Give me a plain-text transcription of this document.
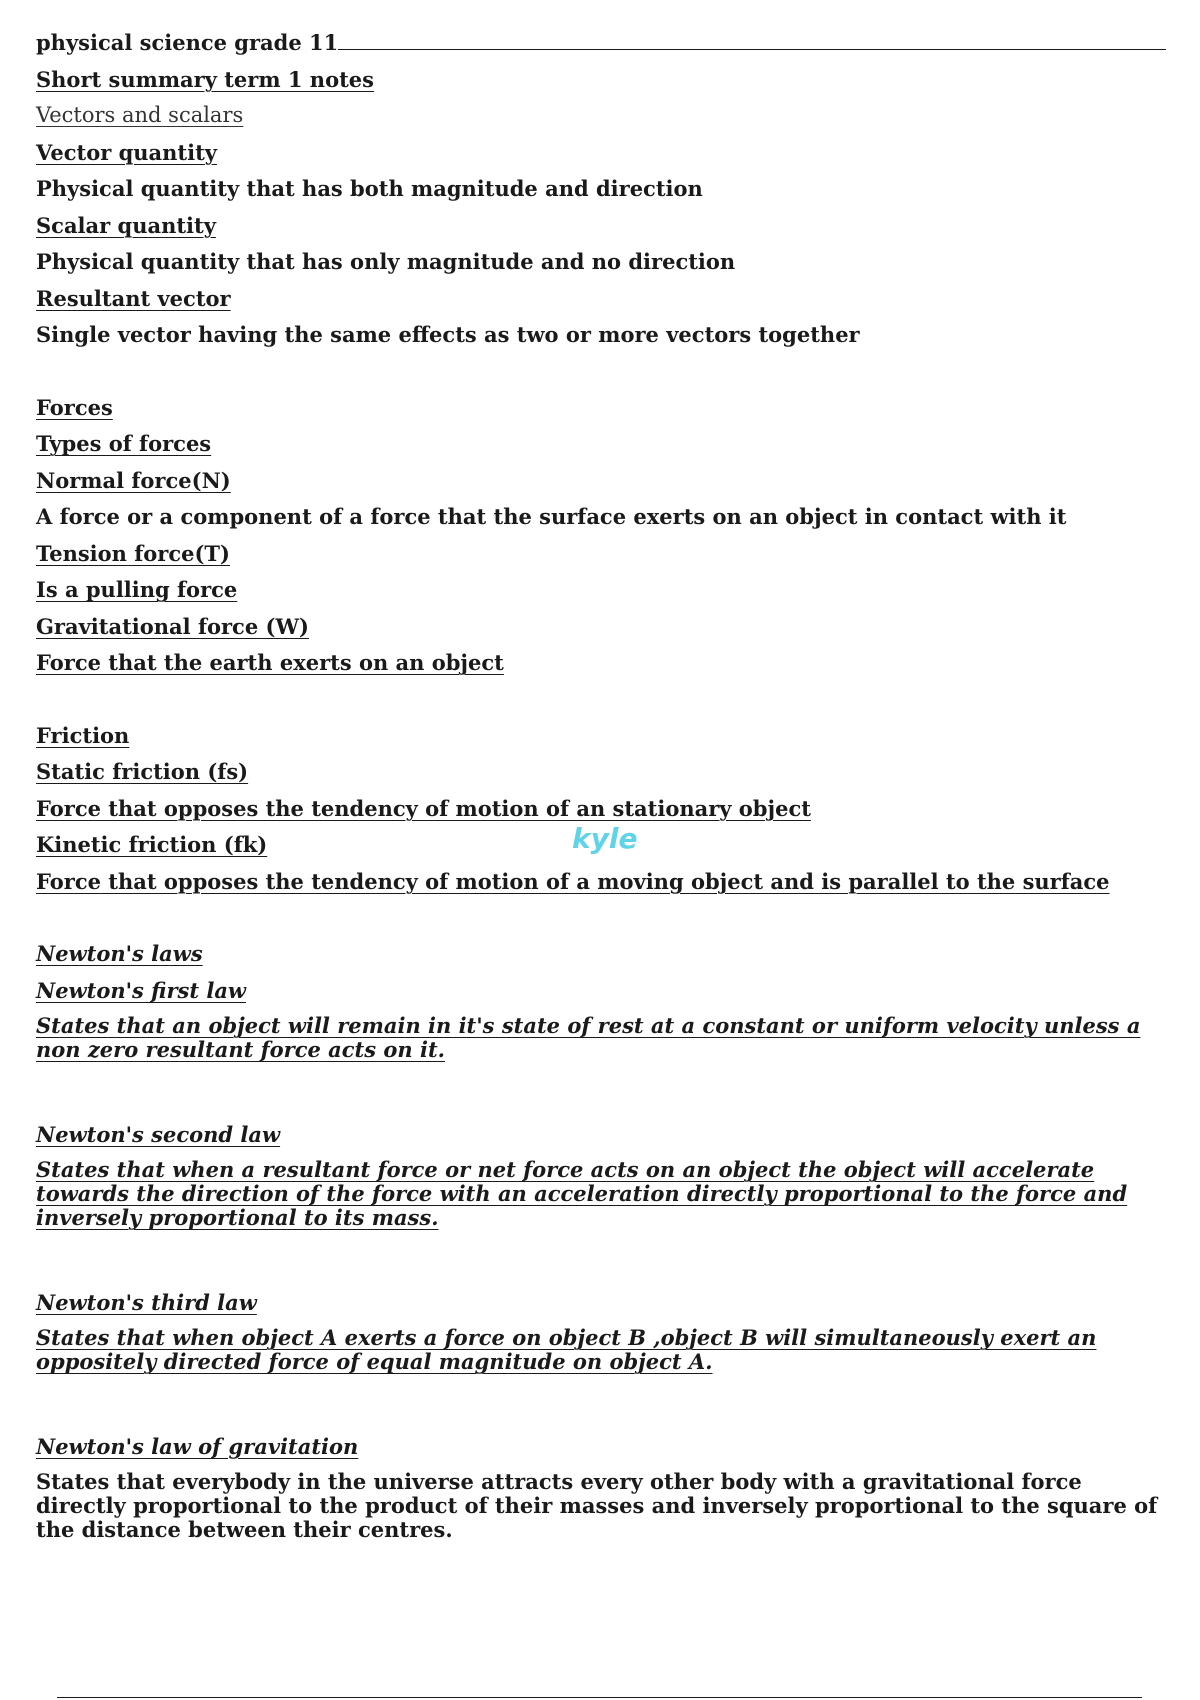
physical science grade 11
Short summary term 1 notes
Vectors and scalars
Vector quantity
Physical quantity that has both magnitude and direction
Scalar quantity
Physical quantity that has only magnitude and no direction
Resultant vector
Single vector having the same effects as two or more vectors together
Forces
Types of forces
Normal force(N)
A force or a component of a force that the surface exerts on an object in contact with it
Tension force(T)
Is a pulling force
Gravitational force (W)
Force that the earth exerts on an object
Friction
Static friction (fs)
Force that opposes the tendency of motion of an stationary object
Kinetic friction (fk)
Force that opposes the tendency of motion of a moving object and is parallel to the surface
Newton's laws
Newton's first law
States that an object will remain in it's state of rest at a constant or uniform velocity unless a non zero resultant force acts on it.
Newton's second law
States that when a resultant force or net force acts on an object the object will accelerate towards the direction of the force with an acceleration directly proportional to the force and inversely proportional to its mass.
Newton's third law
States that when object A exerts a force on object B ,object B will simultaneously exert an oppositely directed force of equal magnitude on object A.
Newton's law of gravitation
States that everybody in the universe attracts every other body with a gravitational force directly proportional to the product of their masses and inversely proportional to the square of the distance between their centres.
kyle
